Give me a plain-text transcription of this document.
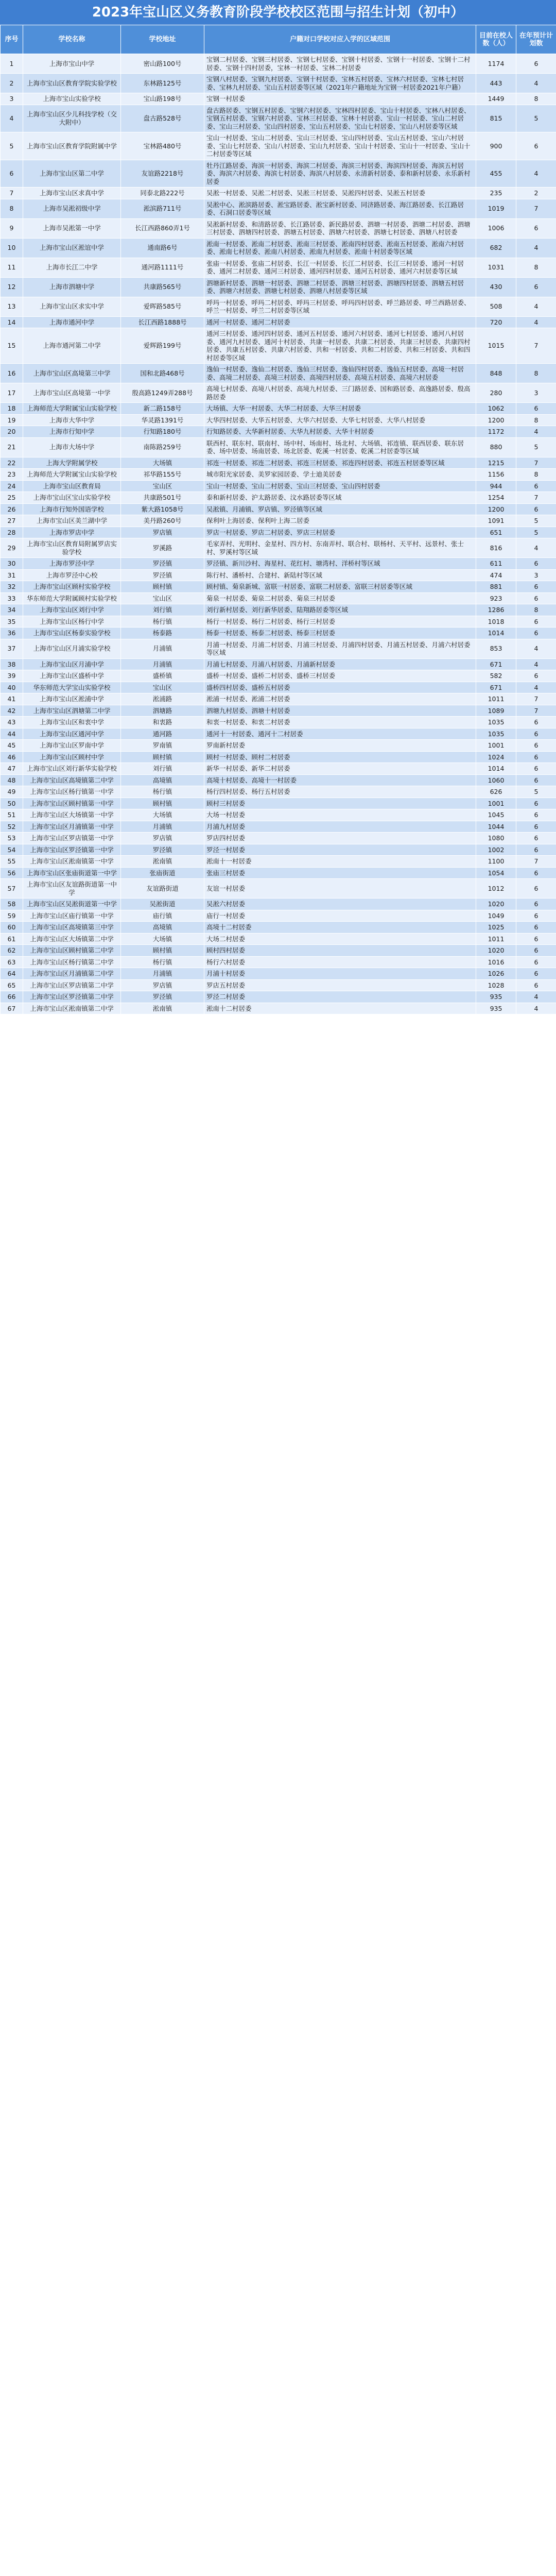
2023年宝山区义务教育阶段学校校区范围与招生计划（初中）
序号	学校名称	学校地址	户籍对口学校对应入学的区域范围	目前在校人数（人）	在年预计计划数
1	上海市宝山中学	密山路100号	宝钢二村居委、宝钢三村居委、宝钢七村居委、宝钢十村居委、宝钢十一村居委、宝钢十二村居委、宝钢十四村居委，宝林一村居委、宝林二村居委	1174	6
2	上海市宝山区教育学院实验学校	东林路125号	宝钢八村居委、宝钢九村居委、宝钢十村居委、宝林五村居委、宝林六村居委、宝林七村居委、宝林九村居委、宝山五村居委等区域（2021年户籍地址为宝钢一村居委2021年户籍）	443	4
3	上海市宝山实验学校	宝山路198号	宝钢一村居委	1449	8
4	上海市宝山区少儿科技学校（交大附中）	盘古路528号	盘古路居委、宝钢五村居委、宝钢六村居委、宝林四村居委、宝山十村居委、宝林八村居委、宝钢五村居委、宝钢六村居委、宝林三村居委、宝林十村居委、宝山一村居委、宝山二村居委、宝山三村居委、宝山四村居委、宝山五村居委、宝山七村居委、宝山八村居委等区域	815	5
5	上海市宝山区教育学院附属中学	宝林路480号	宝山一村居委、宝山二村居委、宝山三村居委、宝山四村居委、宝山五村居委、宝山六村居委、宝山七村居委、宝山八村居委、宝山九村居委、宝山十村居委、宝山十一村居委、宝山十二村居委等区域	900	6
6	上海市宝山区第二中学	友谊路2218号	牡丹江路居委、海滨一村居委、海滨二村居委、海滨三村居委、海滨四村居委、海滨五村居委、海滨六村居委、海滨七村居委、海滨八村居委、永清新村居委、泰和新村居委、永乐新村居委	455	4
7	上海市宝山区求真中学	同泰北路222号	吴淞一村居委、吴淞二村居委、吴淞三村居委、吴淞四村居委、吴淞五村居委	235	2
8	上海市吴淞初级中学	淞滨路711号	吴淞中心、淞滨路居委、淞宝路居委、淞宝新村居委、同济路居委、海江路居委、长江路居委、石洞口居委等区域	1019	7
9	上海市吴淞第一中学	长江西路860弄1号	吴淞新村居委、和清路居委、长江路居委、新民路居委、泗塘一村居委、泗塘二村居委、泗塘三村居委、泗塘四村居委、泗塘五村居委、泗塘六村居委、泗塘七村居委、泗塘八村居委	1006	6
10	上海市宝山区淞谊中学	通南路6号	淞南一村居委、淞南二村居委、淞南三村居委、淞南四村居委、淞南五村居委、淞南六村居委、淞南七村居委、淞南八村居委、淞南九村居委、淞南十村居委等区域	682	4
11	上海市长江二中学	通河路1111号	张庙一村居委、张庙二村居委、长江一村居委、长江二村居委、长江三村居委、通河一村居委、通河二村居委、通河三村居委、通河四村居委、通河五村居委、通河六村居委等区域	1031	8
12	上海市泗塘中学	共康路565号	泗塘新村居委、泗塘一村居委、泗塘二村居委、泗塘三村居委、泗塘四村居委、泗塘五村居委、泗塘六村居委、泗塘七村居委、泗塘八村居委等区域	430	6
13	上海市宝山区求实中学	爱晖路585号	呼玛一村居委、呼玛二村居委、呼玛三村居委、呼玛四村居委、呼兰路居委、呼兰西路居委、呼兰一村居委、呼兰二村居委等区域	508	4
14	上海市通河中学	长江西路1888号	通河一村居委、通河二村居委	720	4
15	上海市通河第二中学	爱辉路199号	通河三村居委、通河四村居委、通河五村居委、通河六村居委、通河七村居委、通河八村居委、通河九村居委、通河十村居委、共康一村居委、共康二村居委、共康三村居委、共康四村居委、共康五村居委、共康六村居委、共和一村居委、共和二村居委、共和三村居委、共和四村居委等区域	1015	7
16	上海市宝山区高境第三中学	国和北路468号	逸仙一村居委、逸仙二村居委、逸仙三村居委、逸仙四村居委、逸仙五村居委、高境一村居委、高境二村居委、高境三村居委、高境四村居委、高境五村居委、高境六村居委	848	8
17	上海市宝山区高境第一中学	殷高路1249弄288号	高境七村居委、高境八村居委、高境九村居委、三门路居委、国和路居委、高逸路居委、殷高路居委	280	3
18	上海师范大学附属宝山实验学校	新二路158号	大场镇、大华一村居委、大华二村居委、大华三村居委	1062	6
19	上海市大华中学	华灵路1391号	大华四村居委、大华五村居委、大华六村居委、大华七村居委、大华八村居委	1200	8
20	上海市行知中学	行知路180号	行知路居委、大华新村居委、大华九村居委、大华十村居委	1172	4
21	上海市大场中学	南陈路259号	联西村、联东村、联南村、场中村、场南村、场北村、大场镇、祁连镇、联西居委、联东居委、场中居委、场南居委、场北居委、乾溪一村居委、乾溪二村居委等区域	880	5
22	上海大学附属学校	大场镇	祁连一村居委、祁连二村居委、祁连三村居委、祁连四村居委、祁连五村居委等区域	1215	7
23	上海师范大学附属宝山实验学校	祁华路155号	城市阳光家居委、美罗家园居委、学士迪美居委	1156	8
24	上海市宝山区教育局	宝山区	宝山一村居委、宝山二村居委、宝山三村居委、宝山四村居委	944	6
25	上海市宝山区宝山实验学校	共康路501号	泰和新村居委、沪太路居委、汶水路居委等区域	1254	7
26	上海市行知外国语学校	紫大路1058号	吴淞镇、月浦镇、罗店镇、罗泾镇等区域	1200	6
27	上海市宝山区美兰湖中学	美丹路260号	保利叶上海居委、保利叶上海二居委	1091	5
28	上海市罗店中学	罗店镇	罗店一村居委、罗店二村居委、罗店三村居委	651	5
29	上海市宝山区教育局附属罗店实验学校	罗溪路	毛家弄村、光明村、金星村、四方村、东南弄村、联合村、联杨村、天平村、远景村、张士村、罗溪村等区域	816	4
30	上海市罗泾中学	罗泾镇	罗泾镇、新川沙村、海星村、花红村、塘湾村、洋桥村等区域	611	6
31	上海市罗泾中心校	罗泾镇	陈行村、潘桥村、合建村、新陆村等区域	474	3
32	上海市宝山区顾村实验学校	顾村镇	顾村镇、菊泉新城、富联一村居委、富联二村居委、富联三村居委等区域	881	6
33	华东师范大学附属顾村实验学校	宝山区	菊泉一村居委、菊泉二村居委、菊泉三村居委	923	6
34	上海市宝山区刘行中学	刘行镇	刘行新村居委、刘行新华居委、陆翔路居委等区域	1286	8
35	上海市宝山区杨行中学	杨行镇	杨行一村居委、杨行二村居委、杨行三村居委	1018	6
36	上海市宝山区杨泰实验学校	杨泰路	杨泰一村居委、杨泰二村居委、杨泰三村居委	1014	6
37	上海市宝山区月浦实验学校	月浦镇	月浦一村居委、月浦二村居委、月浦三村居委、月浦四村居委、月浦五村居委、月浦六村居委等区域	853	4
38	上海市宝山区月浦中学	月浦镇	月浦七村居委、月浦八村居委、月浦新村居委	671	4
39	上海市宝山区盛桥中学	盛桥镇	盛桥一村居委、盛桥二村居委、盛桥三村居委	582	6
40	华东师范大学宝山实验学校	宝山区	盛桥四村居委、盛桥五村居委	671	4
41	上海市宝山区淞浦中学	淞浦路	淞浦一村居委、淞浦二村居委	1011	7
42	上海市宝山区泗塘第二中学	泗塘路	泗塘九村居委、泗塘十村居委	1089	7
43	上海市宝山区和衷中学	和衷路	和衷一村居委、和衷二村居委	1035	6
44	上海市宝山区通河中学	通河路	通河十一村居委、通河十二村居委	1035	6
45	上海市宝山区罗南中学	罗南镇	罗南新村居委	1001	6
46	上海市宝山区顾村中学	顾村镇	顾村一村居委、顾村二村居委	1024	6
47	上海市宝山区刘行新华实验学校	刘行镇	新华一村居委、新华二村居委	1014	6
48	上海市宝山区高境镇第二中学	高境镇	高境十村居委、高境十一村居委	1060	6
49	上海市宝山区杨行镇第一中学	杨行镇	杨行四村居委、杨行五村居委	626	5
50	上海市宝山区顾村镇第一中学	顾村镇	顾村三村居委	1001	6
51	上海市宝山区大场镇第一中学	大场镇	大场一村居委	1045	6
52	上海市宝山区月浦镇第一中学	月浦镇	月浦九村居委	1044	6
53	上海市宝山区罗店镇第一中学	罗店镇	罗店四村居委	1080	6
54	上海市宝山区罗泾镇第一中学	罗泾镇	罗泾一村居委	1002	6
55	上海市宝山区淞南镇第一中学	淞南镇	淞南十一村居委	1100	7
56	上海市宝山区张庙街道第一中学	张庙街道	张庙三村居委	1054	6
57	上海市宝山区友谊路街道第一中学	友谊路街道	友谊一村居委	1012	6
58	上海市宝山区吴淞街道第一中学	吴淞街道	吴淞六村居委	1020	6
59	上海市宝山区庙行镇第一中学	庙行镇	庙行一村居委	1049	6
60	上海市宝山区高境镇第三中学	高境镇	高境十二村居委	1025	6
61	上海市宝山区大场镇第二中学	大场镇	大场二村居委	1011	6
62	上海市宝山区顾村镇第二中学	顾村镇	顾村四村居委	1020	6
63	上海市宝山区杨行镇第二中学	杨行镇	杨行六村居委	1016	6
64	上海市宝山区月浦镇第二中学	月浦镇	月浦十村居委	1026	6
65	上海市宝山区罗店镇第二中学	罗店镇	罗店五村居委	1028	6
66	上海市宝山区罗泾镇第二中学	罗泾镇	罗泾二村居委	935	4
67	上海市宝山区淞南镇第二中学	淞南镇	淞南十二村居委	935	4
